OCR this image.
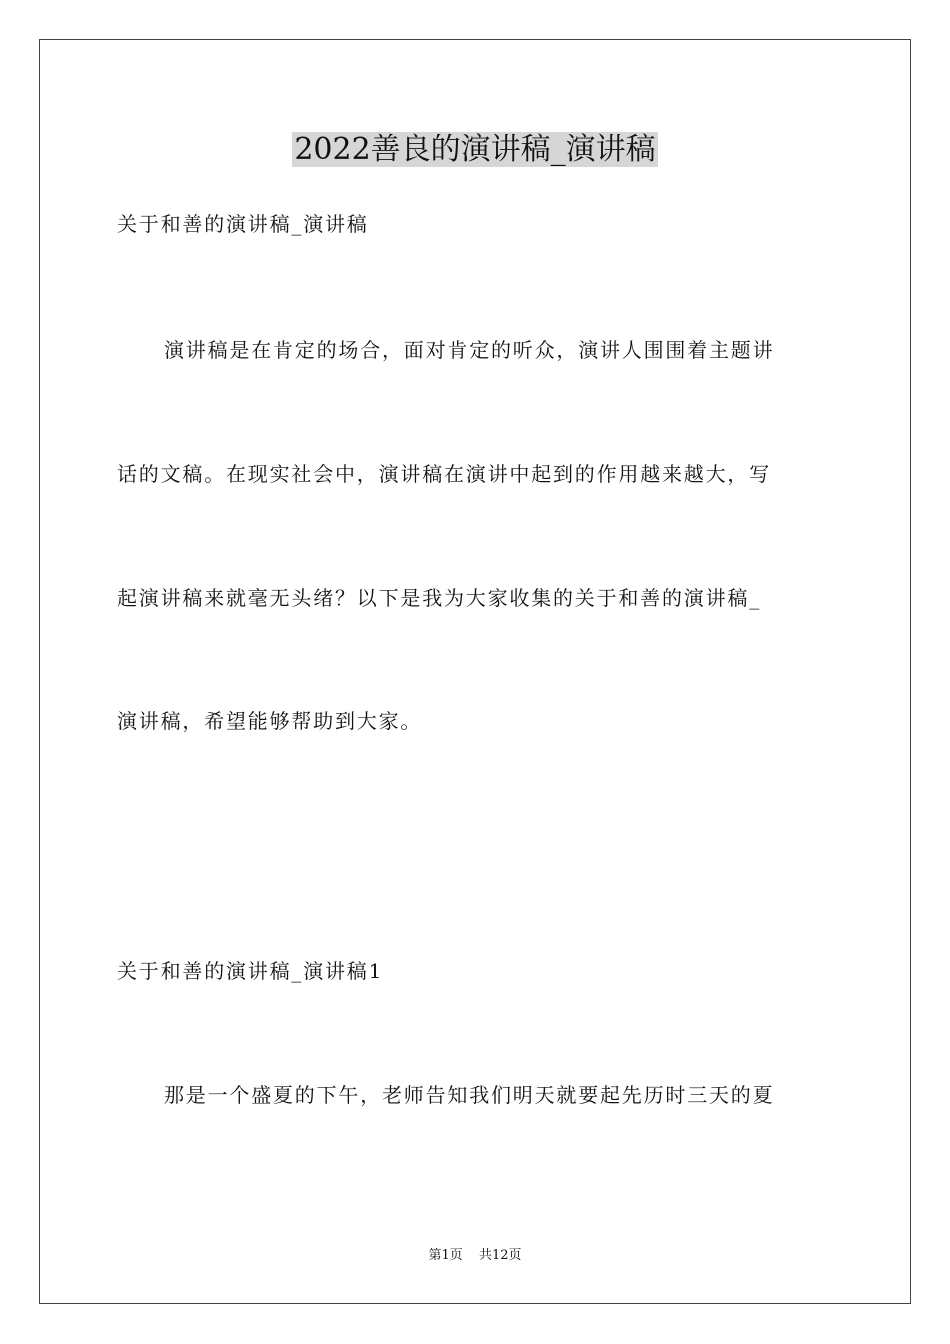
2022善良的演讲稿_演讲稿
关于和善的演讲稿_演讲稿
演讲稿是在肯定的场合，面对肯定的听众，演讲人围围着主题讲
话的文稿。在现实社会中，演讲稿在演讲中起到的作用越来越大，写
起演讲稿来就毫无头绪？以下是我为大家收集的关于和善的演讲稿_
演讲稿，希望能够帮助到大家。
关于和善的演讲稿_演讲稿1
那是一个盛夏的下午，老师告知我们明天就要起先历时三天的夏
第1页 共12页
